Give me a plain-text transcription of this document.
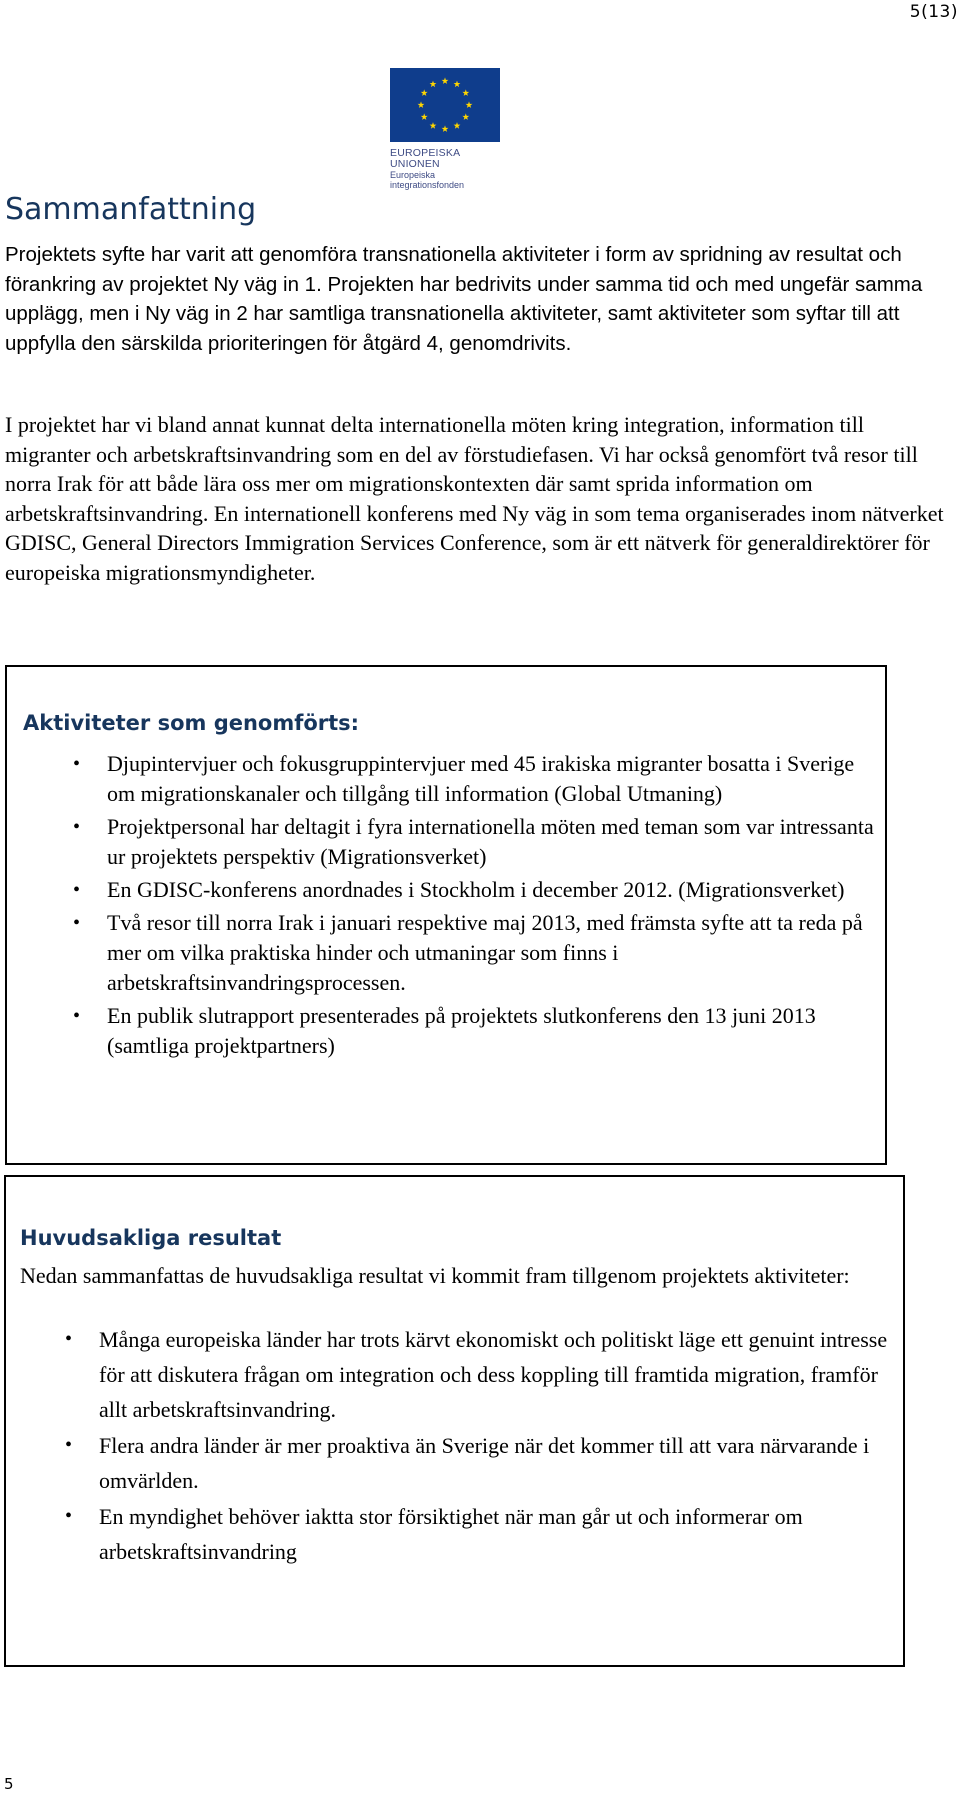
5(13)
EUROPEISKA UNIONEN
Europeiska integrationsfonden
Sammanfattning

Projektets syfte har varit att genomföra transnationella aktiviteter i form av spridning av resultat och förankring av projektet Ny väg in 1. Projekten har bedrivits under samma tid och med ungefär samma upplägg, men i Ny väg in 2 har samtliga transnationella aktiviteter, samt aktiviteter som syftar till att uppfylla den särskilda prioriteringen för åtgärd 4, genomdrivits.

I projektet har vi bland annat kunnat delta internationella möten kring integration, information till migranter och arbetskraftsinvandring som en del av förstudiefasen. Vi har också genomfört två resor till norra Irak för att både lära oss mer om migrationskontexten där samt sprida information om arbetskraftsinvandring. En internationell konferens med Ny väg in som tema organiserades inom nätverket GDISC, General Directors Immigration Services Conference, som är ett nätverk för generaldirektörer för europeiska migrationsmyndigheter.

Aktiviteter som genomförts:
• Djupintervjuer och fokusgruppintervjuer med 45 irakiska migranter bosatta i Sverige om migrationskanaler och tillgång till information (Global Utmaning)
• Projektpersonal har deltagit i fyra internationella möten med teman som var intressanta ur projektets perspektiv (Migrationsverket)
• En GDISC-konferens anordnades i Stockholm i december 2012. (Migrationsverket)
• Två resor till norra Irak i januari respektive maj 2013, med främsta syfte att ta reda på mer om vilka praktiska hinder och utmaningar som finns i arbetskraftsinvandringsprocessen.
• En publik slutrapport presenterades på projektets slutkonferens den 13 juni 2013 (samtliga projektpartners)
Huvudsakliga resultat

Nedan sammanfattas de huvudsakliga resultat vi kommit fram tillgenom projektets aktiviteter:

• Många europeiska länder har trots kärvt ekonomiskt och politiskt läge ett genuint intresse för att diskutera frågan om integration och dess koppling till framtida migration, framför allt arbetskraftsinvandring.
• Flera andra länder är mer proaktiva än Sverige när det kommer till att vara närvarande i omvärlden.
• En myndighet behöver iaktta stor försiktighet när man går ut och informerar om arbetskraftsinvandring
5
